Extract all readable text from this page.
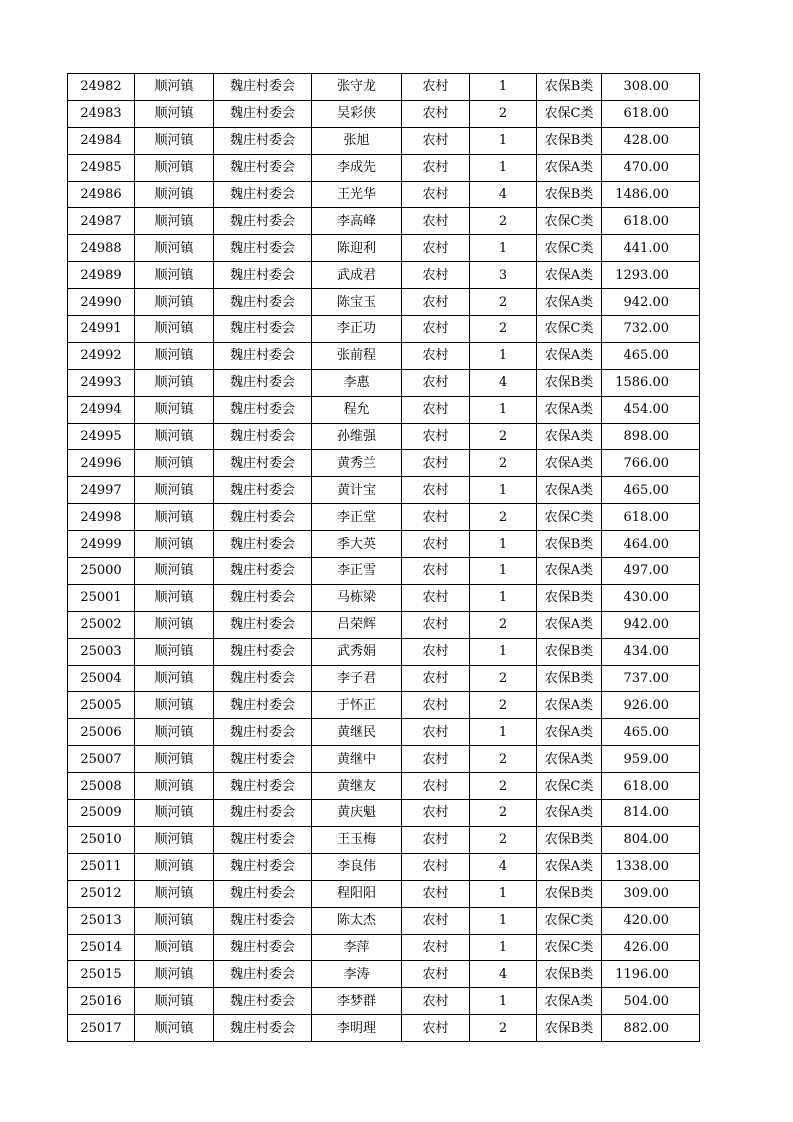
24982	顺河镇	魏庄村委会	张守龙	农村	1	农保B类	308.00
24983	顺河镇	魏庄村委会	吴彩侠	农村	2	农保C类	618.00
24984	顺河镇	魏庄村委会	张旭	农村	1	农保B类	428.00
24985	顺河镇	魏庄村委会	李成先	农村	1	农保A类	470.00
24986	顺河镇	魏庄村委会	王光华	农村	4	农保B类	1486.00
24987	顺河镇	魏庄村委会	李高峰	农村	2	农保C类	618.00
24988	顺河镇	魏庄村委会	陈迎利	农村	1	农保C类	441.00
24989	顺河镇	魏庄村委会	武成君	农村	3	农保A类	1293.00
24990	顺河镇	魏庄村委会	陈宝玉	农村	2	农保A类	942.00
24991	顺河镇	魏庄村委会	李正功	农村	2	农保C类	732.00
24992	顺河镇	魏庄村委会	张前程	农村	1	农保A类	465.00
24993	顺河镇	魏庄村委会	李惠	农村	4	农保B类	1586.00
24994	顺河镇	魏庄村委会	程允	农村	1	农保A类	454.00
24995	顺河镇	魏庄村委会	孙维强	农村	2	农保A类	898.00
24996	顺河镇	魏庄村委会	黄秀兰	农村	2	农保A类	766.00
24997	顺河镇	魏庄村委会	黄计宝	农村	1	农保A类	465.00
24998	顺河镇	魏庄村委会	李正堂	农村	2	农保C类	618.00
24999	顺河镇	魏庄村委会	季大英	农村	1	农保B类	464.00
25000	顺河镇	魏庄村委会	李正雪	农村	1	农保A类	497.00
25001	顺河镇	魏庄村委会	马栋梁	农村	1	农保B类	430.00
25002	顺河镇	魏庄村委会	吕荣辉	农村	2	农保A类	942.00
25003	顺河镇	魏庄村委会	武秀娟	农村	1	农保B类	434.00
25004	顺河镇	魏庄村委会	李子君	农村	2	农保B类	737.00
25005	顺河镇	魏庄村委会	于怀正	农村	2	农保A类	926.00
25006	顺河镇	魏庄村委会	黄继民	农村	1	农保A类	465.00
25007	顺河镇	魏庄村委会	黄继中	农村	2	农保A类	959.00
25008	顺河镇	魏庄村委会	黄继友	农村	2	农保C类	618.00
25009	顺河镇	魏庄村委会	黄庆魁	农村	2	农保A类	814.00
25010	顺河镇	魏庄村委会	王玉梅	农村	2	农保B类	804.00
25011	顺河镇	魏庄村委会	李良伟	农村	4	农保A类	1338.00
25012	顺河镇	魏庄村委会	程阳阳	农村	1	农保B类	309.00
25013	顺河镇	魏庄村委会	陈太杰	农村	1	农保C类	420.00
25014	顺河镇	魏庄村委会	李萍	农村	1	农保C类	426.00
25015	顺河镇	魏庄村委会	李涛	农村	4	农保B类	1196.00
25016	顺河镇	魏庄村委会	李梦群	农村	1	农保A类	504.00
25017	顺河镇	魏庄村委会	李明理	农村	2	农保B类	882.00
